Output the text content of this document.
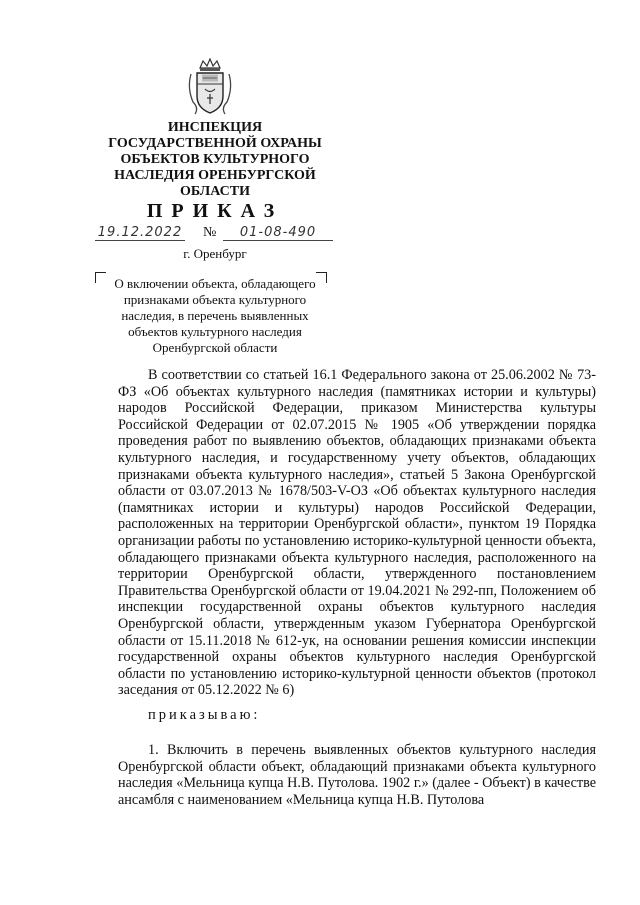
ИНСПЕКЦИЯ
ГОСУДАРСТВЕННОЙ ОХРАНЫ
ОБЪЕКТОВ КУЛЬТУРНОГО
НАСЛЕДИЯ ОРЕНБУРГСКОЙ
ОБЛАСТИ
ПРИКАЗ
19.12.2022 №	01-08-490
г. Оренбург
О включении объекта, обладающего признаками объекта культурного наследия, в перечень выявленных объектов культурного наследия Оренбургской области
В соответствии со статьей 16.1 Федерального закона от 25.06.2002 № 73-ФЗ «Об объектах культурного наследия (памятниках истории и культуры) народов Российской Федерации, приказом Министерства культуры Российской Федерации от 02.07.2015 № 1905 «Об утверждении порядка проведения работ по выявлению объектов, обладающих признаками объекта культурного наследия, и государственному учету объектов, обладающих признаками объекта культурного наследия», статьей 5 Закона Оренбургской области от 03.07.2013 № 1678/503-V-ОЗ «Об объектах культурного наследия (памятниках истории и культуры) народов Российской Федерации, расположенных на территории Оренбургской области», пунктом 19 Порядка организации работы по установлению историко-культурной ценности объекта, обладающего признаками объекта культурного наследия, расположенного на территории Оренбургской области, утвержденного постановлением Правительства Оренбургской области от 19.04.2021 № 292-пп, Положением об инспекции государственной охраны объектов культурного наследия Оренбургской области, утвержденным указом Губернатора Оренбургской области от 15.11.2018 № 612-ук, на основании решения комиссии инспекции государственной охраны объектов культурного наследия Оренбургской области по установлению историко-культурной ценности объектов (протокол заседания от 05.12.2022 № 6)
приказываю:
1. Включить в перечень выявленных объектов культурного наследия Оренбургской области объект, обладающий признаками объекта культурного наследия «Мельница купца Н.В. Путолова. 1902 г.» (далее - Объект) в качестве ансамбля с наименованием «Мельница купца Н.В. Путолова
